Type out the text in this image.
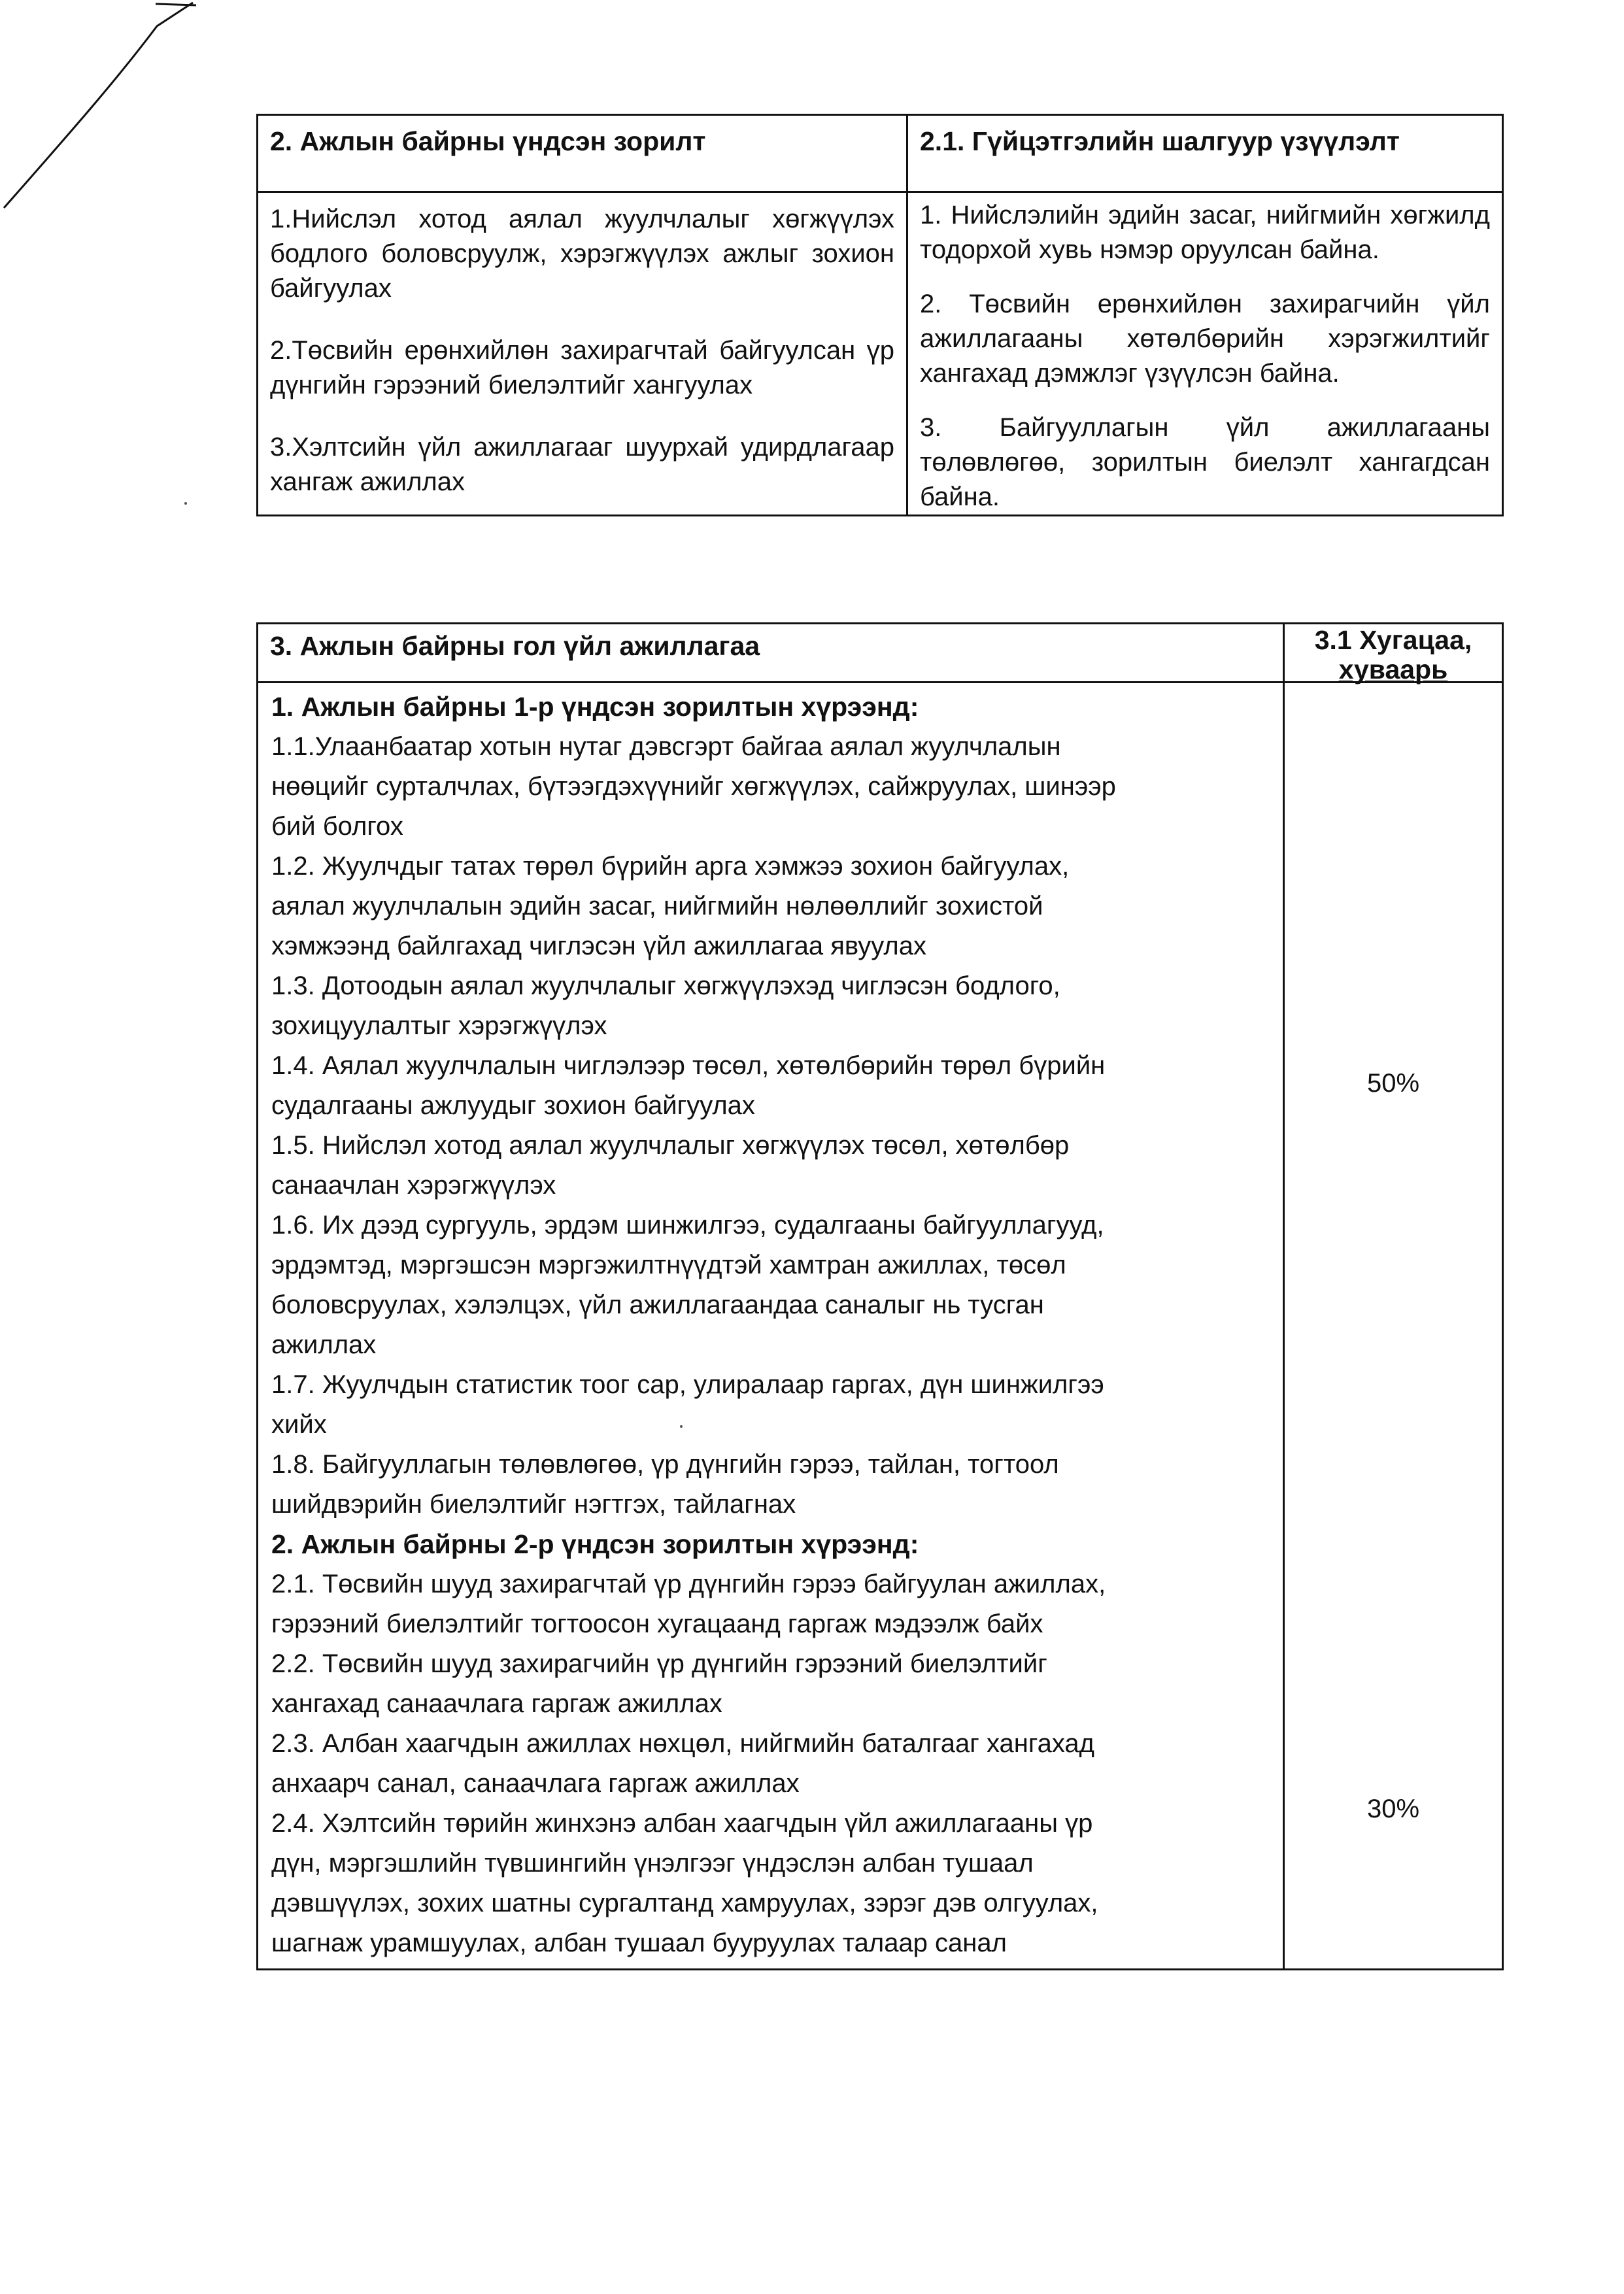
2. Ажлын байрны үндсэн зорилт	2.1. Гүйцэтгэлийн шалгуур үзүүлэлт

1.Нийслэл хотод аялал жуулчлалыг хөгжүүлэх бодлого боловсруулж, хэрэгжүүлэх ажлыг зохион байгуулах

2.Төсвийн ерөнхийлөн захирагчтай байгуулсан үр дүнгийн гэрээний биелэлтийг хангуулах

3.Хэлтсийн үйл ажиллагааг шуурхай удирдлагаар хангаж ажиллах

1. Нийслэлийн эдийн засаг, нийгмийн хөгжилд тодорхой хувь нэмэр оруулсан байна.

2. Төсвийн ерөнхийлөн захирагчийн үйл ажиллагааны хөтөлбөрийн хэрэгжилтийг хангахад дэмжлэг үзүүлсэн байна.

3. Байгууллагын үйл ажиллагааны төлөвлөгөө, зорилтын биелэлт хангагдсан байна.

3. Ажлын байрны гол үйл ажиллагаа	3.1 Хугацаа,
хуваарь
1. Ажлын байрны 1-р үндсэн зорилтын хүрээнд:
1.1.Улаанбаатар хотын нутаг дэвсгэрт байгаа аялал жуулчлалын
нөөцийг сурталчлах, бүтээгдэхүүнийг хөгжүүлэх, сайжруулах, шинээр
бий болгох
1.2. Жуулчдыг татах төрөл бүрийн арга хэмжээ зохион байгуулах,
аялал жуулчлалын эдийн засаг, нийгмийн нөлөөллийг зохистой
хэмжээнд байлгахад чиглэсэн үйл ажиллагаа явуулах
1.3. Дотоодын аялал жуулчлалыг хөгжүүлэхэд чиглэсэн бодлого,
зохицуулалтыг хэрэгжүүлэх
1.4. Аялал жуулчлалын чиглэлээр төсөл, хөтөлбөрийн төрөл бүрийн
судалгааны ажлуудыг зохион байгуулах
1.5. Нийслэл хотод аялал жуулчлалыг хөгжүүлэх төсөл, хөтөлбөр
санаачлан хэрэгжүүлэх
1.6. Их дээд сургууль, эрдэм шинжилгээ, судалгааны байгууллагууд,
эрдэмтэд, мэргэшсэн мэргэжилтнүүдтэй хамтран ажиллах, төсөл
боловсруулах, хэлэлцэх, үйл ажиллагаандаа саналыг нь тусган
ажиллах
1.7. Жуулчдын статистик тоог сар, улиралаар гаргах, дүн шинжилгээ
хийх
1.8. Байгууллагын төлөвлөгөө, үр дүнгийн гэрээ, тайлан, тогтоол
шийдвэрийн биелэлтийг нэгтгэх, тайлагнах
2. Ажлын байрны 2-р үндсэн зорилтын хүрээнд:
2.1. Төсвийн шууд захирагчтай үр дүнгийн гэрээ байгуулан ажиллах,
гэрээний биелэлтийг тогтоосон хугацаанд гаргаж мэдээлж байх
2.2. Төсвийн шууд захирагчийн үр дүнгийн гэрээний биелэлтийг
хангахад санаачлага гаргаж ажиллах
2.3. Албан хаагчдын ажиллах нөхцөл, нийгмийн баталгааг хангахад
анхаарч санал, санаачлага гаргаж ажиллах
2.4. Хэлтсийн төрийн жинхэнэ албан хаагчдын үйл ажиллагааны үр
дүн, мэргэшлийн түвшингийн үнэлгээг үндэслэн албан тушаал
дэвшүүлэх, зохих шатны сургалтанд хамруулах, зэрэг дэв олгуулах,
шагнаж урамшуулах, албан тушаал бууруулах талаар санал
50%
30%
